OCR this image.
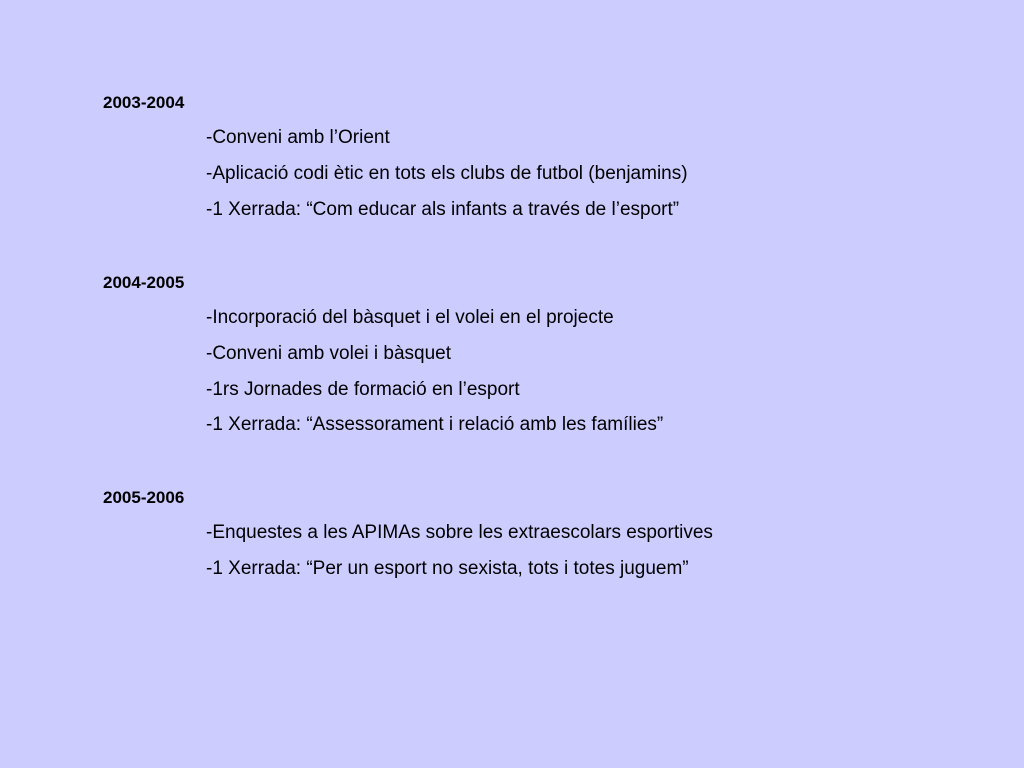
2003-2004
-Conveni amb l’Orient
-Aplicació codi ètic en tots els clubs de futbol (benjamins)
-1 Xerrada: “Com educar als infants a través de l’esport”
2004-2005
-Incorporació del bàsquet i el volei en el projecte
-Conveni amb volei i bàsquet
-1rs Jornades de formació en l’esport
-1 Xerrada: “Assessorament i relació amb les famílies”
2005-2006
-Enquestes a les APIMAs sobre les extraescolars esportives
-1 Xerrada: “Per un esport no sexista, tots i totes juguem”
